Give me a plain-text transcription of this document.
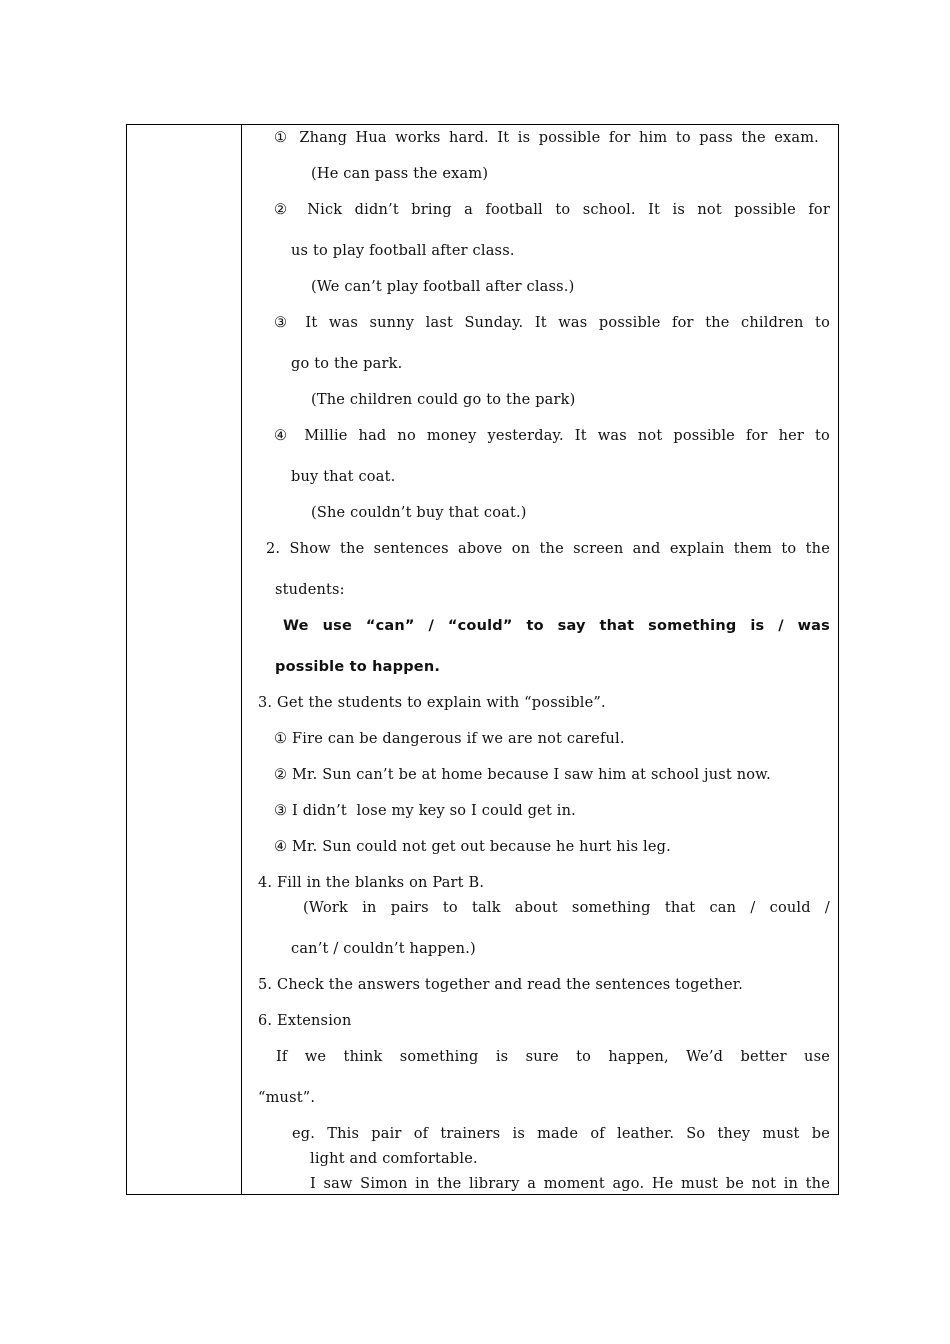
① Zhang Hua works hard. It is possible for him to pass the exam.
(He can pass the exam)
② Nick didn’t bring a football to school. It is not possible for
us to play football after class.
(We can’t play football after class.)
③ It was sunny last Sunday. It was possible for the children to
go to the park.
(The children could go to the park)
④ Millie had no money yesterday. It was not possible for her to
buy that coat.
(She couldn’t buy that coat.)
2. Show the sentences above on the screen and explain them to the
students:
We use “can” / “could” to say that something is / was
possible to happen.
3. Get the students to explain with “possible”.
① Fire can be dangerous if we are not careful.
② Mr. Sun can’t be at home because I saw him at school just now.
③ I didn’t  lose my key so I could get in.
④ Mr. Sun could not get out because he hurt his leg.
4. Fill in the blanks on Part B.
(Work in pairs to talk about something that can / could /
can’t / couldn’t happen.)
5. Check the answers together and read the sentences together.
6. Extension
If we think something is sure to happen, We’d better use
“must”.
eg. This pair of trainers is made of leather. So they must be
light and comfortable.
I saw Simon in the library a moment ago. He must be not in the
